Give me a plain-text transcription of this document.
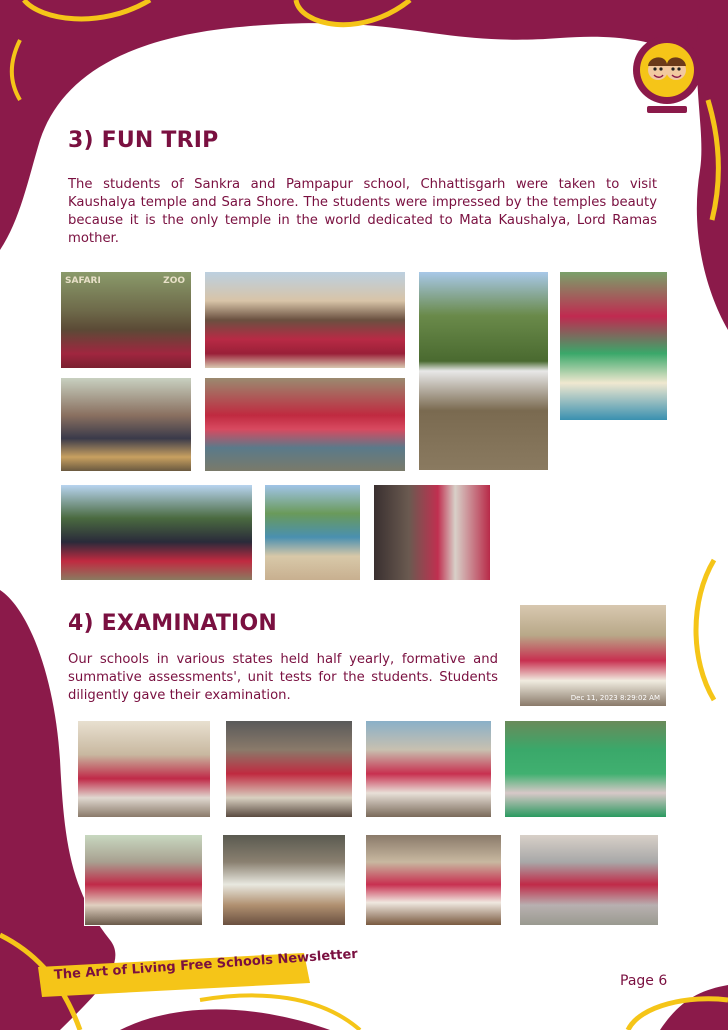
3) FUN TRIP

The students of Sankra and Pampapur school, Chhattisgarh were taken to visit Kaushalya temple and Sara Shore. The students were impressed by the temples beauty because it is the only temple in the world dedicated to Mata Kaushalya, Lord Ramas mother.

SAFARI	ZOO
4) EXAMINATION

Our schools in various states held half yearly, formative and summative assessments', unit tests for the students. Students diligently gave their examination.	Dec 11, 2023 8:29:02 AM
The Art of Living Free Schools Newsletter	Page 6
